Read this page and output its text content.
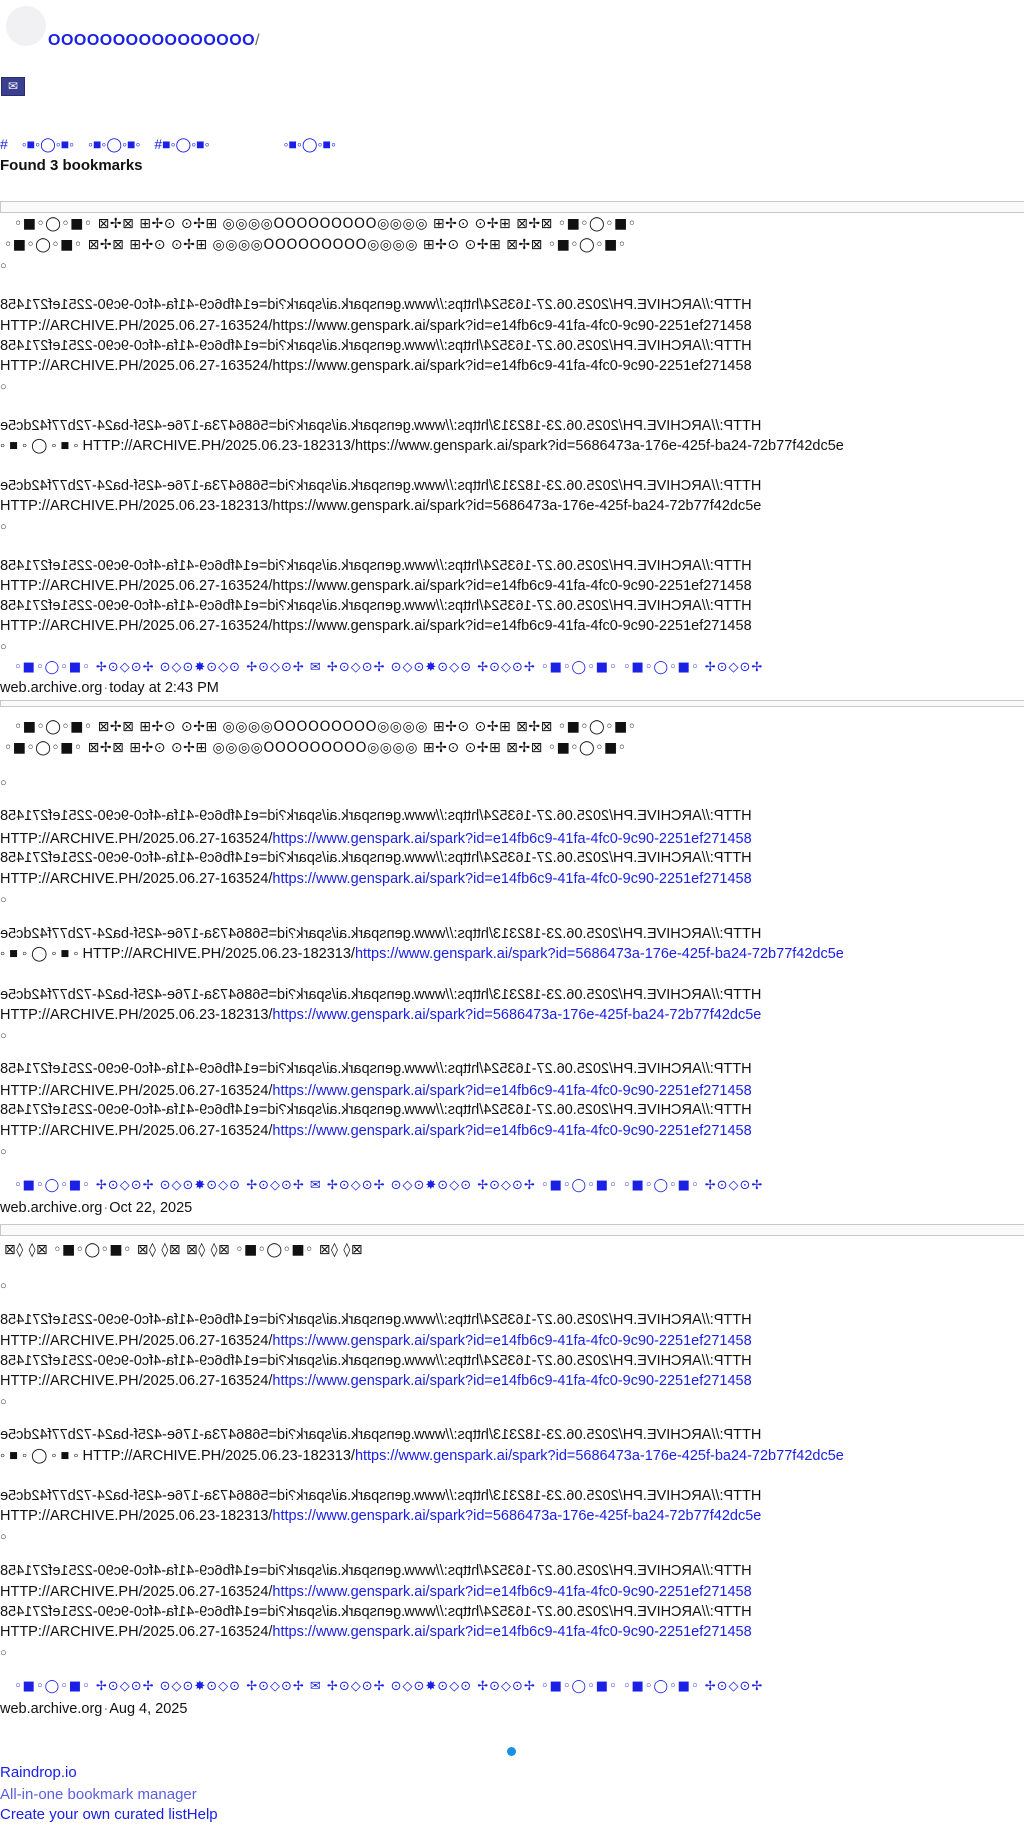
OOOOOOOOOOOOOOOO/
✉
# ◦■◦◯◦■◦ ◦■◦◯◦■◦ #■◦◯◦■◦	◦■◦◯◦■◦
Found 3 bookmarks
◦■◦◯◦■◦ ⊠✢⊠ ⊞✢⊙ ⊙✢⊞ ◎◎◎◎OOOOOOOOO◎◎◎◎ ⊞✢⊙ ⊙✢⊞ ⊠✢⊠ ◦■◦◯◦■◦
◦■◦◯◦■◦ ⊠✢⊠ ⊞✢⊙ ⊙✢⊞ ◎◎◎◎OOOOOOOOO◎◎◎◎ ⊞✢⊙ ⊙✢⊞ ⊠✢⊠ ◦■◦◯◦■◦
○
HTTP://ARCHIVE.PH/2025.06.27-163524/https://www.genspark.ai/spark?id=e14fb6c9-41fa-4fc0-9c90-2251ef271458
HTTP://ARCHIVE.PH/2025.06.27-163524/https://www.genspark.ai/spark?id=e14fb6c9-41fa-4fc0-9c90-2251ef271458
HTTP://ARCHIVE.PH/2025.06.27-163524/https://www.genspark.ai/spark?id=e14fb6c9-41fa-4fc0-9c90-2251ef271458
HTTP://ARCHIVE.PH/2025.06.27-163524/https://www.genspark.ai/spark?id=e14fb6c9-41fa-4fc0-9c90-2251ef271458
○
HTTP://ARCHIVE.PH/2025.06.23-182313/https://www.genspark.ai/spark?id=5686473a-176e-425f-ba24-72b77f42dc5e
◦ ■ ◦ ◯ ◦ ■ ◦ HTTP://ARCHIVE.PH/2025.06.23-182313/https://www.genspark.ai/spark?id=5686473a-176e-425f-ba24-72b77f42dc5e
HTTP://ARCHIVE.PH/2025.06.23-182313/https://www.genspark.ai/spark?id=5686473a-176e-425f-ba24-72b77f42dc5e
HTTP://ARCHIVE.PH/2025.06.23-182313/https://www.genspark.ai/spark?id=5686473a-176e-425f-ba24-72b77f42dc5e
○
HTTP://ARCHIVE.PH/2025.06.27-163524/https://www.genspark.ai/spark?id=e14fb6c9-41fa-4fc0-9c90-2251ef271458
HTTP://ARCHIVE.PH/2025.06.27-163524/https://www.genspark.ai/spark?id=e14fb6c9-41fa-4fc0-9c90-2251ef271458
HTTP://ARCHIVE.PH/2025.06.27-163524/https://www.genspark.ai/spark?id=e14fb6c9-41fa-4fc0-9c90-2251ef271458
HTTP://ARCHIVE.PH/2025.06.27-163524/https://www.genspark.ai/spark?id=e14fb6c9-41fa-4fc0-9c90-2251ef271458
○
◦■◦◯◦■◦ ✢⊙◇⊙✢ ⊙◇⊙✸⊙◇⊙ ✢⊙◇⊙✢ ✉ ✢⊙◇⊙✢ ⊙◇⊙✸⊙◇⊙ ✢⊙◇⊙✢ ◦■◦◯◦■◦ ◦■◦◯◦■◦ ✢⊙◇⊙✢
web.archive.org·today at 2:43 PM
◦■◦◯◦■◦ ⊠✢⊠ ⊞✢⊙ ⊙✢⊞ ◎◎◎◎OOOOOOOOO◎◎◎◎ ⊞✢⊙ ⊙✢⊞ ⊠✢⊠ ◦■◦◯◦■◦
◦■◦◯◦■◦ ⊠✢⊠ ⊞✢⊙ ⊙✢⊞ ◎◎◎◎OOOOOOOOO◎◎◎◎ ⊞✢⊙ ⊙✢⊞ ⊠✢⊠ ◦■◦◯◦■◦
○
HTTP://ARCHIVE.PH/2025.06.27-163524/https://www.genspark.ai/spark?id=e14fb6c9-41fa-4fc0-9c90-2251ef271458
HTTP://ARCHIVE.PH/2025.06.27-163524/https://www.genspark.ai/spark?id=e14fb6c9-41fa-4fc0-9c90-2251ef271458
HTTP://ARCHIVE.PH/2025.06.27-163524/https://www.genspark.ai/spark?id=e14fb6c9-41fa-4fc0-9c90-2251ef271458
HTTP://ARCHIVE.PH/2025.06.27-163524/https://www.genspark.ai/spark?id=e14fb6c9-41fa-4fc0-9c90-2251ef271458
○
HTTP://ARCHIVE.PH/2025.06.23-182313/https://www.genspark.ai/spark?id=5686473a-176e-425f-ba24-72b77f42dc5e
◦ ■ ◦ ◯ ◦ ■ ◦ HTTP://ARCHIVE.PH/2025.06.23-182313/https://www.genspark.ai/spark?id=5686473a-176e-425f-ba24-72b77f42dc5e
HTTP://ARCHIVE.PH/2025.06.23-182313/https://www.genspark.ai/spark?id=5686473a-176e-425f-ba24-72b77f42dc5e
HTTP://ARCHIVE.PH/2025.06.23-182313/https://www.genspark.ai/spark?id=5686473a-176e-425f-ba24-72b77f42dc5e
○
HTTP://ARCHIVE.PH/2025.06.27-163524/https://www.genspark.ai/spark?id=e14fb6c9-41fa-4fc0-9c90-2251ef271458
HTTP://ARCHIVE.PH/2025.06.27-163524/https://www.genspark.ai/spark?id=e14fb6c9-41fa-4fc0-9c90-2251ef271458
HTTP://ARCHIVE.PH/2025.06.27-163524/https://www.genspark.ai/spark?id=e14fb6c9-41fa-4fc0-9c90-2251ef271458
HTTP://ARCHIVE.PH/2025.06.27-163524/https://www.genspark.ai/spark?id=e14fb6c9-41fa-4fc0-9c90-2251ef271458
○
◦■◦◯◦■◦ ✢⊙◇⊙✢ ⊙◇⊙✸⊙◇⊙ ✢⊙◇⊙✢ ✉ ✢⊙◇⊙✢ ⊙◇⊙✸⊙◇⊙ ✢⊙◇⊙✢ ◦■◦◯◦■◦ ◦■◦◯◦■◦ ✢⊙◇⊙✢
web.archive.org·Oct 22, 2025
⊠◊ ◊⊠ ◦■◦◯◦■◦ ⊠◊ ◊⊠ ⊠◊ ◊⊠ ◦■◦◯◦■◦ ⊠◊ ◊⊠
○
HTTP://ARCHIVE.PH/2025.06.27-163524/https://www.genspark.ai/spark?id=e14fb6c9-41fa-4fc0-9c90-2251ef271458
HTTP://ARCHIVE.PH/2025.06.27-163524/https://www.genspark.ai/spark?id=e14fb6c9-41fa-4fc0-9c90-2251ef271458
HTTP://ARCHIVE.PH/2025.06.27-163524/https://www.genspark.ai/spark?id=e14fb6c9-41fa-4fc0-9c90-2251ef271458
HTTP://ARCHIVE.PH/2025.06.27-163524/https://www.genspark.ai/spark?id=e14fb6c9-41fa-4fc0-9c90-2251ef271458
○
HTTP://ARCHIVE.PH/2025.06.23-182313/https://www.genspark.ai/spark?id=5686473a-176e-425f-ba24-72b77f42dc5e
◦ ■ ◦ ◯ ◦ ■ ◦ HTTP://ARCHIVE.PH/2025.06.23-182313/https://www.genspark.ai/spark?id=5686473a-176e-425f-ba24-72b77f42dc5e
HTTP://ARCHIVE.PH/2025.06.23-182313/https://www.genspark.ai/spark?id=5686473a-176e-425f-ba24-72b77f42dc5e
HTTP://ARCHIVE.PH/2025.06.23-182313/https://www.genspark.ai/spark?id=5686473a-176e-425f-ba24-72b77f42dc5e
○
HTTP://ARCHIVE.PH/2025.06.27-163524/https://www.genspark.ai/spark?id=e14fb6c9-41fa-4fc0-9c90-2251ef271458
HTTP://ARCHIVE.PH/2025.06.27-163524/https://www.genspark.ai/spark?id=e14fb6c9-41fa-4fc0-9c90-2251ef271458
HTTP://ARCHIVE.PH/2025.06.27-163524/https://www.genspark.ai/spark?id=e14fb6c9-41fa-4fc0-9c90-2251ef271458
HTTP://ARCHIVE.PH/2025.06.27-163524/https://www.genspark.ai/spark?id=e14fb6c9-41fa-4fc0-9c90-2251ef271458
○
◦■◦◯◦■◦ ✢⊙◇⊙✢ ⊙◇⊙✸⊙◇⊙ ✢⊙◇⊙✢ ✉ ✢⊙◇⊙✢ ⊙◇⊙✸⊙◇⊙ ✢⊙◇⊙✢ ◦■◦◯◦■◦ ◦■◦◯◦■◦ ✢⊙◇⊙✢
web.archive.org·Aug 4, 2025
Raindrop.io
All-in-one bookmark manager
Create your own curated listHelp
